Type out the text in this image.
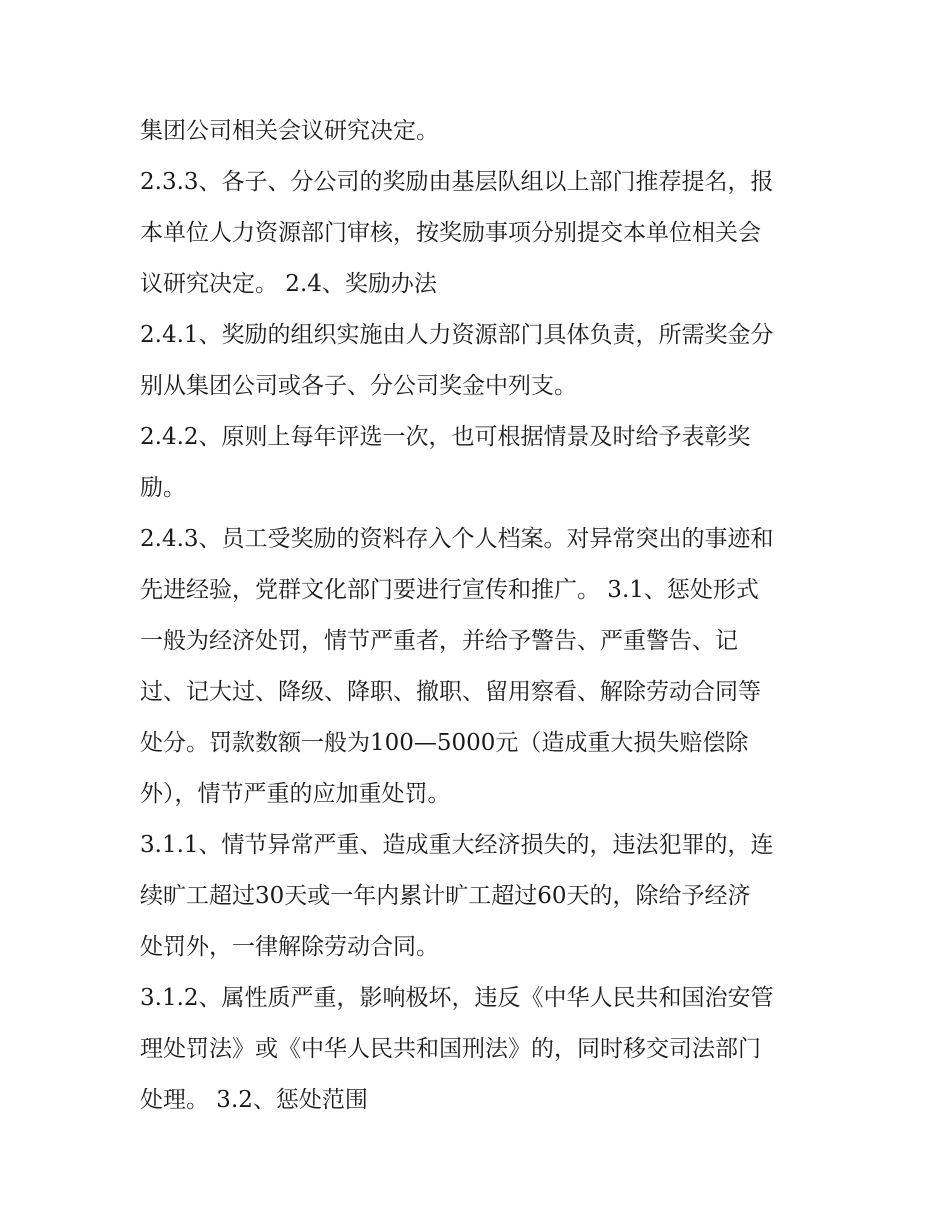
集团公司相关会议研究决定。
2.3.3、各子、分公司的奖励由基层队组以上部门推荐提名，报
本单位人力资源部门审核，按奖励事项分别提交本单位相关会
议研究决定。 2.4、奖励办法
2.4.1、奖励的组织实施由人力资源部门具体负责，所需奖金分
别从集团公司或各子、分公司奖金中列支。
2.4.2、原则上每年评选一次，也可根据情景及时给予表彰奖
励。
2.4.3、员工受奖励的资料存入个人档案。对异常突出的事迹和
先进经验，党群文化部门要进行宣传和推广。 3.1、惩处形式
一般为经济处罚，情节严重者，并给予警告、严重警告、记
过、记大过、降级、降职、撤职、留用察看、解除劳动合同等
处分。罚款数额一般为100—5000元（造成重大损失赔偿除
外），情节严重的应加重处罚。
3.1.1、情节异常严重、造成重大经济损失的，违法犯罪的，连
续旷工超过30天或一年内累计旷工超过60天的，除给予经济
处罚外，一律解除劳动合同。
3.1.2、属性质严重，影响极坏，违反《中华人民共和国治安管
理处罚法》或《中华人民共和国刑法》的，同时移交司法部门
处理。 3.2、惩处范围
